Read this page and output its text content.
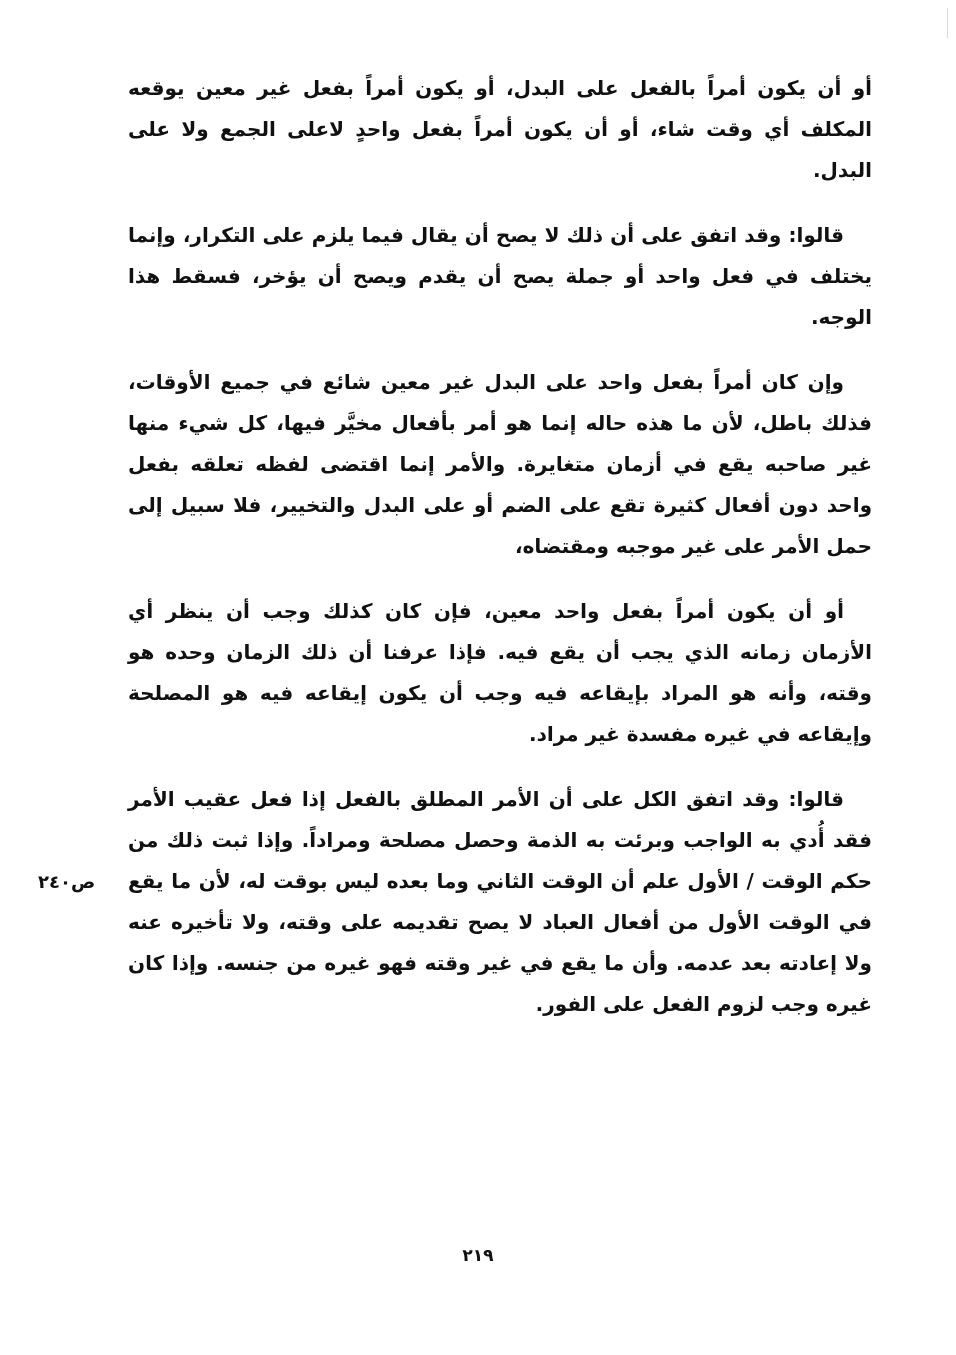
أو أن يكون أمراً بالفعل على البدل، أو يكون أمراً بفعل غير معين يوقعه المكلف أي وقت شاء، أو أن يكون أمراً بفعل واحدٍ لاعلى الجمع ولا على البدل.

قالوا: وقد اتفق على أن ذلك لا يصح أن يقال فيما يلزم على التكرار، وإنما يختلف في فعل واحد أو جملة يصح أن يقدم ويصح أن يؤخر، فسقط هذا الوجه.

وإن كان أمراً بفعل واحد على البدل غير معين شائع في جميع الأوقات، فذلك باطل، لأن ما هذه حاله إنما هو أمر بأفعال مخيَّر فيها، كل شيء منها غير صاحبه يقع في أزمان متغايرة. والأمر إنما اقتضى لفظه تعلقه بفعل واحد دون أفعال كثيرة تقع على الضم أو على البدل والتخيير، فلا سبيل إلى حمل الأمر على غير موجبه ومقتضاه،

أو أن يكون أمراً بفعل واحد معين، فإن كان كذلك وجب أن ينظر أي الأزمان زمانه الذي يجب أن يقع فيه. فإذا عرفنا أن ذلك الزمان وحده هو وقته، وأنه هو المراد بإيقاعه فيه وجب أن يكون إيقاعه فيه هو المصلحة وإيقاعه في غيره مفسدة غير مراد.

قالوا: وقد اتفق الكل على أن الأمر المطلق بالفعل إذا فعل عقيب الأمر فقد أُدي به الواجب وبرئت به الذمة وحصل مصلحة ومراداً. وإذا ثبت ذلك من حكم الوقت / الأول علم أن الوقت الثاني وما بعده ليس بوقت له، لأن ما يقع في الوقت الأول من أفعال العباد لا يصح تقديمه على وقته، ولا تأخيره عنه ولا إعادته بعد عدمه. وأن ما يقع في غير وقته فهو غيره من جنسه. وإذا كان غيره وجب لزوم الفعل على الفور.

ص٢٤٠
٢١٩
